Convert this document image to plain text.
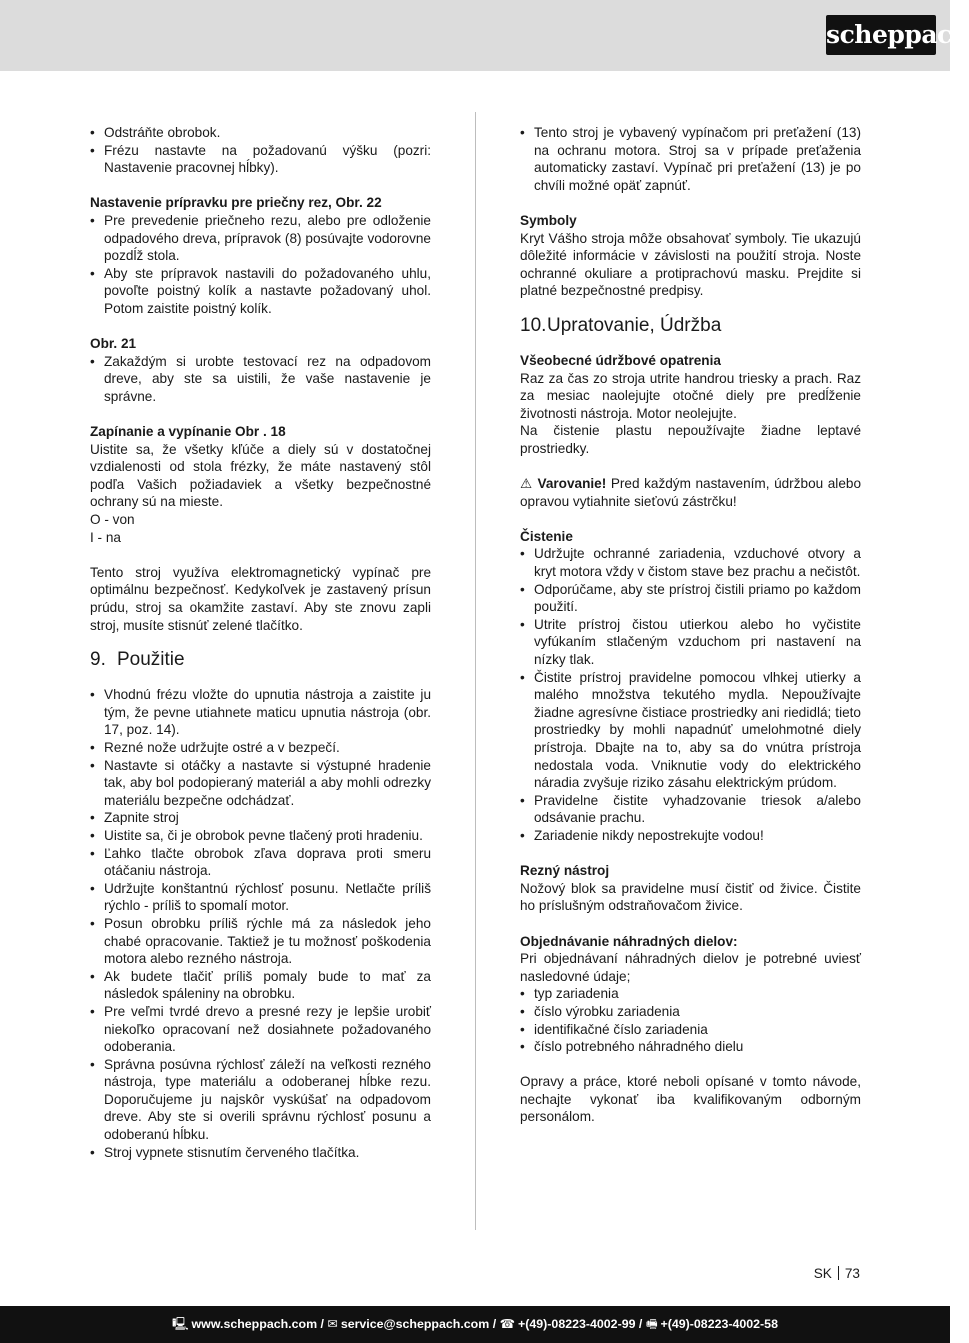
scheppach
• Odstráňte obrobok.
• Frézu nastavte na požadovanú výšku (pozri: Nastavenie pracovnej hĺbky).

Nastavenie prípravku pre priečny rez, Obr. 22

• Pre prevedenie priečneho rezu, alebo pre odloženie odpadového dreva, prípravok (8) posúvajte vodorovne pozdĺž stola.
• Aby ste prípravok nastavili do požadovaného uhlu, povoľte poistný kolík a nastavte požadovaný uhol. Potom zaistite poistný kolík.

Obr. 21

• Zakaždým si urobte testovací rez na odpadovom dreve, aby ste sa uistili, že vaše nastavenie je správne.

Zapínanie a vypínanie Obr . 18

Uistite sa, že všetky kľúče a diely sú v dostatočnej vzdialenosti od stola frézky, že máte nastavený stôl podľa Vašich požiadaviek a všetky bezpečnostné ochrany sú na mieste.

O - von

I - na

Tento stroj využíva elektromagnetický vypínač pre optimálnu bezpečnosť. Kedykoľvek je zastavený prísun prúdu, stroj sa okamžite zastaví. Aby ste znovu zapli stroj, musíte stisnúť zelené tlačítko.

9. Použitie
• Vhodnú frézu vložte do upnutia nástroja a zaistite ju tým, že pevne utiahnete maticu upnutia nástroja (obr. 17, poz. 14).
• Rezné nože udržujte ostré a v bezpečí.
• Nastavte si otáčky a nastavte si výstupné hradenie tak, aby bol podopieraný materiál a aby mohli odrezky materiálu bezpečne odchádzať.
• Zapnite stroj
• Uistite sa, či je obrobok pevne tlačený proti hradeniu.
• Ľahko tlačte obrobok zľava doprava proti smeru otáčaniu nástroja.
• Udržujte konštantnú rýchlosť posunu. Netlačte príliš rýchlo - príliš to spomalí motor.
• Posun obrobku príliš rýchle má za následok jeho chabé opracovanie. Taktiež je tu možnosť poškodenia motora alebo rezného nástroja.
• Ak budete tlačiť príliš pomaly bude to mať za následok spáleniny na obrobku.
• Pre veľmi tvrdé drevo a presné rezy je lepšie urobiť niekoľko opracovaní než dosiahnete požadovaného odoberania.
• Správna posúvna rýchlosť záleží na veľkosti rezného nástroja, type materiálu a odoberanej hĺbke rezu. Doporučujeme ju najskôr vyskúšať na odpadovom dreve. Aby ste si overili správnu rýchlosť posunu a odoberanú hĺbku.
• Stroj vypnete stisnutím červeného tlačítka.
• Tento stroj je vybavený vypínačom pri preťažení (13) na ochranu motora. Stroj sa v prípade preťaženia automaticky zastaví. Vypínač pri preťažení (13) je po chvíli možné opäť zapnúť.

Symboly

Kryt Vášho stroja môže obsahovať symboly. Tie ukazujú dôležité informácie v závislosti na použití stroja. Noste ochranné okuliare a protiprachovú masku. Prejdite si platné bezpečnostné predpisy.

10.Upratovanie, Údržba

Všeobecné údržbové opatrenia

Raz za čas zo stroja utrite handrou triesky a prach. Raz za mesiac naolejujte otočné diely pre predĺženie životnosti nástroja. Motor neolejujte.

Na čistenie plastu nepoužívajte žiadne leptavé prostriedky.

⚠ Varovanie! Pred každým nastavením, údržbou alebo opravou vytiahnite sieťovú zástrčku!

Čistenie

• Udržujte ochranné zariadenia, vzduchové otvory a kryt motora vždy v čistom stave bez prachu a nečistôt.
• Odporúčame, aby ste prístroj čistili priamo po každom použití.
• Utrite prístroj čistou utierkou alebo ho vyčistite vyfúkaním stlačeným vzduchom pri nastavení na nízky tlak.
• Čistite prístroj pravidelne pomocou vlhkej utierky a malého množstva tekutého mydla. Nepoužívajte žiadne agresívne čistiace prostriedky ani riedidlá; tieto prostriedky by mohli napadnúť umelohmotné diely prístroja. Dbajte na to, aby sa do vnútra prístroja nedostala voda. Vniknutie vody do elektrického náradia zvyšuje riziko zásahu elektrickým prúdom.
• Pravidelne čistite vyhadzovanie triesok a/alebo odsávanie prachu.
• Zariadenie nikdy nepostrekujte vodou!

Rezný nástroj

Nožový blok sa pravidelne musí čistiť od živice. Čistite ho príslušným odstraňovačom živice.

Objednávanie náhradných dielov:

Pri objednávaní náhradných dielov je potrebné uviesť nasledovné údaje;

• typ zariadenia
• číslo výrobku zariadenia
• identifikačné číslo zariadenia
• číslo potrebného náhradného dielu

Opravy a práce, ktoré neboli opísané v tomto návode, nechajte vykonať iba kvalifikovaným odborným personálom.

SK 73
🖳 www.scheppach.com / ✉ service@scheppach.com / ☎ +(49)-08223-4002-99 / 🖷 +(49)-08223-4002-58
